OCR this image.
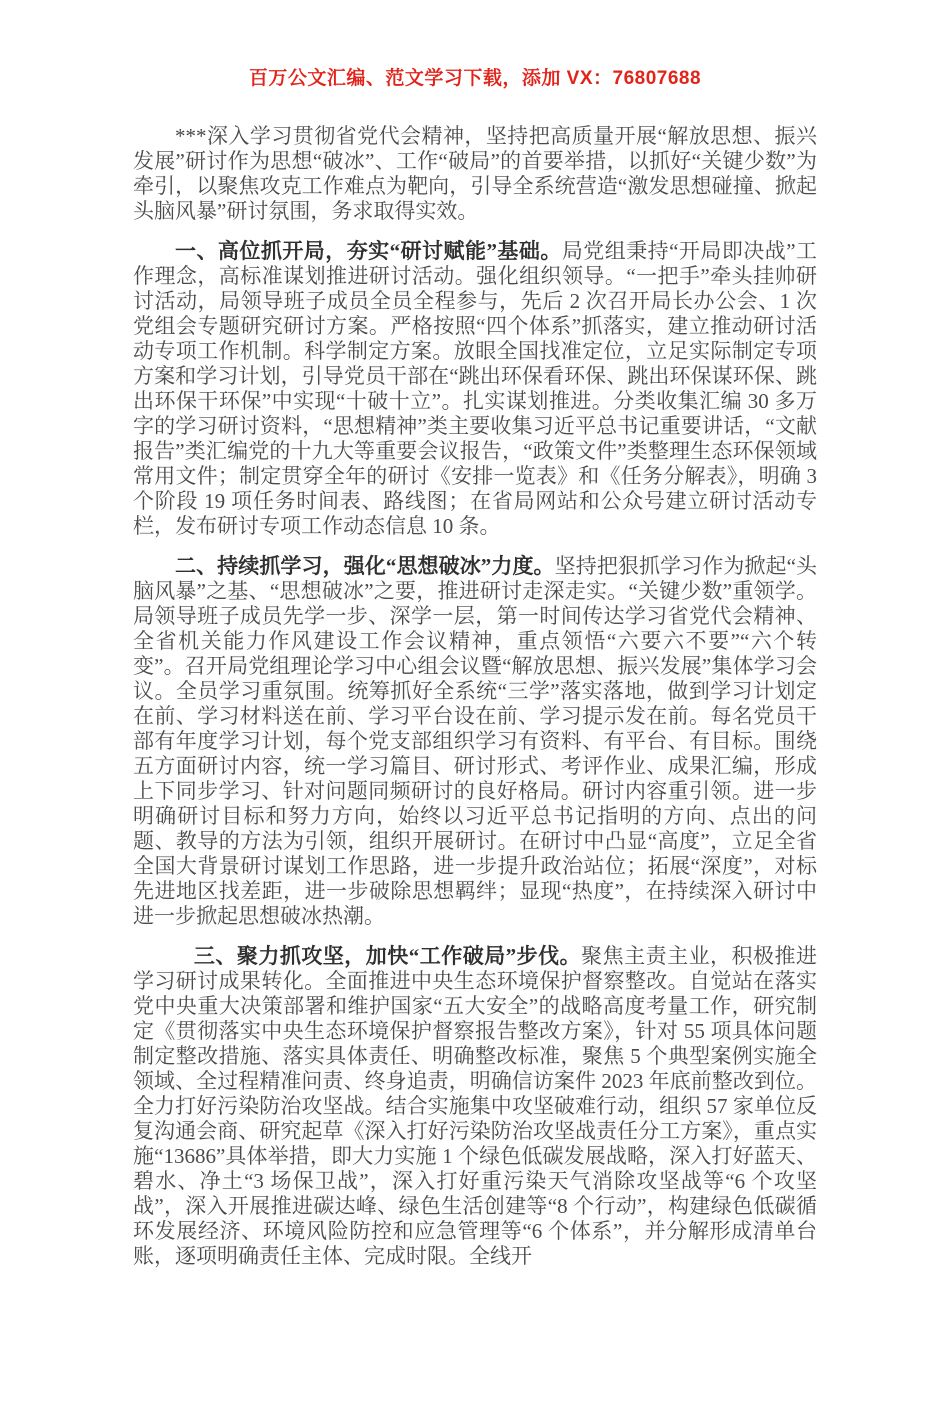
百万公文汇编、范文学习下载，添加 VX：76807688

***深入学习贯彻省党代会精神，坚持把高质量开展“解放思想、振兴发展”研讨作为思想“破冰”、工作“破局”的首要举措，以抓好“关键少数”为牵引，以聚焦攻克工作难点为靶向，引导全系统营造“激发思想碰撞、掀起头脑风暴”研讨氛围，务求取得实效。

一、高位抓开局，夯实“研讨赋能”基础。局党组秉持“开局即决战”工作理念，高标准谋划推进研讨活动。强化组织领导。“一把手”牵头挂帅研讨活动，局领导班子成员全员全程参与，先后 2 次召开局长办公会、1 次党组会专题研究研讨方案。严格按照“四个体系”抓落实，建立推动研讨活动专项工作机制。科学制定方案。放眼全国找准定位，立足实际制定专项方案和学习计划，引导党员干部在“跳出环保看环保、跳出环保谋环保、跳出环保干环保”中实现“十破十立”。扎实谋划推进。分类收集汇编 30 多万字的学习研讨资料，“思想精神”类主要收集习近平总书记重要讲话，“文献报告”类汇编党的十九大等重要会议报告，“政策文件”类整理生态环保领域常用文件；制定贯穿全年的研讨《安排一览表》和《任务分解表》，明确 3 个阶段 19 项任务时间表、路线图；在省局网站和公众号建立研讨活动专栏，发布研讨专项工作动态信息 10 条。

二、持续抓学习，强化“思想破冰”力度。坚持把狠抓学习作为掀起“头脑风暴”之基、“思想破冰”之要，推进研讨走深走实。“关键少数”重领学。局领导班子成员先学一步、深学一层，第一时间传达学习省党代会精神、全省机关能力作风建设工作会议精神，重点领悟“六要六不要”“六个转变”。召开局党组理论学习中心组会议暨“解放思想、振兴发展”集体学习会议。全员学习重氛围。统筹抓好全系统“三学”落实落地，做到学习计划定在前、学习材料送在前、学习平台设在前、学习提示发在前。每名党员干部有年度学习计划，每个党支部组织学习有资料、有平台、有目标。围绕五方面研讨内容，统一学习篇目、研讨形式、考评作业、成果汇编，形成上下同步学习、针对问题同频研讨的良好格局。研讨内容重引领。进一步明确研讨目标和努力方向，始终以习近平总书记指明的方向、点出的问题、教导的方法为引领，组织开展研讨。在研讨中凸显“高度”，立足全省全国大背景研讨谋划工作思路，进一步提升政治站位；拓展“深度”，对标先进地区找差距，进一步破除思想羁绊；显现“热度”，在持续深入研讨中进一步掀起思想破冰热潮。

三、聚力抓攻坚，加快“工作破局”步伐。聚焦主责主业，积极推进学习研讨成果转化。全面推进中央生态环境保护督察整改。自觉站在落实党中央重大决策部署和维护国家“五大安全”的战略高度考量工作，研究制定《贯彻落实中央生态环境保护督察报告整改方案》，针对 55 项具体问题制定整改措施、落实具体责任、明确整改标准，聚焦 5 个典型案例实施全领域、全过程精准问责、终身追责，明确信访案件 2023 年底前整改到位。全力打好污染防治攻坚战。结合实施集中攻坚破难行动，组织 57 家单位反复沟通会商、研究起草《深入打好污染防治攻坚战责任分工方案》，重点实施“13686”具体举措，即大力实施 1 个绿色低碳发展战略，深入打好蓝天、碧水、净土“3 场保卫战”，深入打好重污染天气消除攻坚战等“6 个攻坚战”，深入开展推进碳达峰、绿色生活创建等“8 个行动”，构建绿色低碳循环发展经济、环境风险防控和应急管理等“6 个体系”，并分解形成清单台账，逐项明确责任主体、完成时限。全线开
